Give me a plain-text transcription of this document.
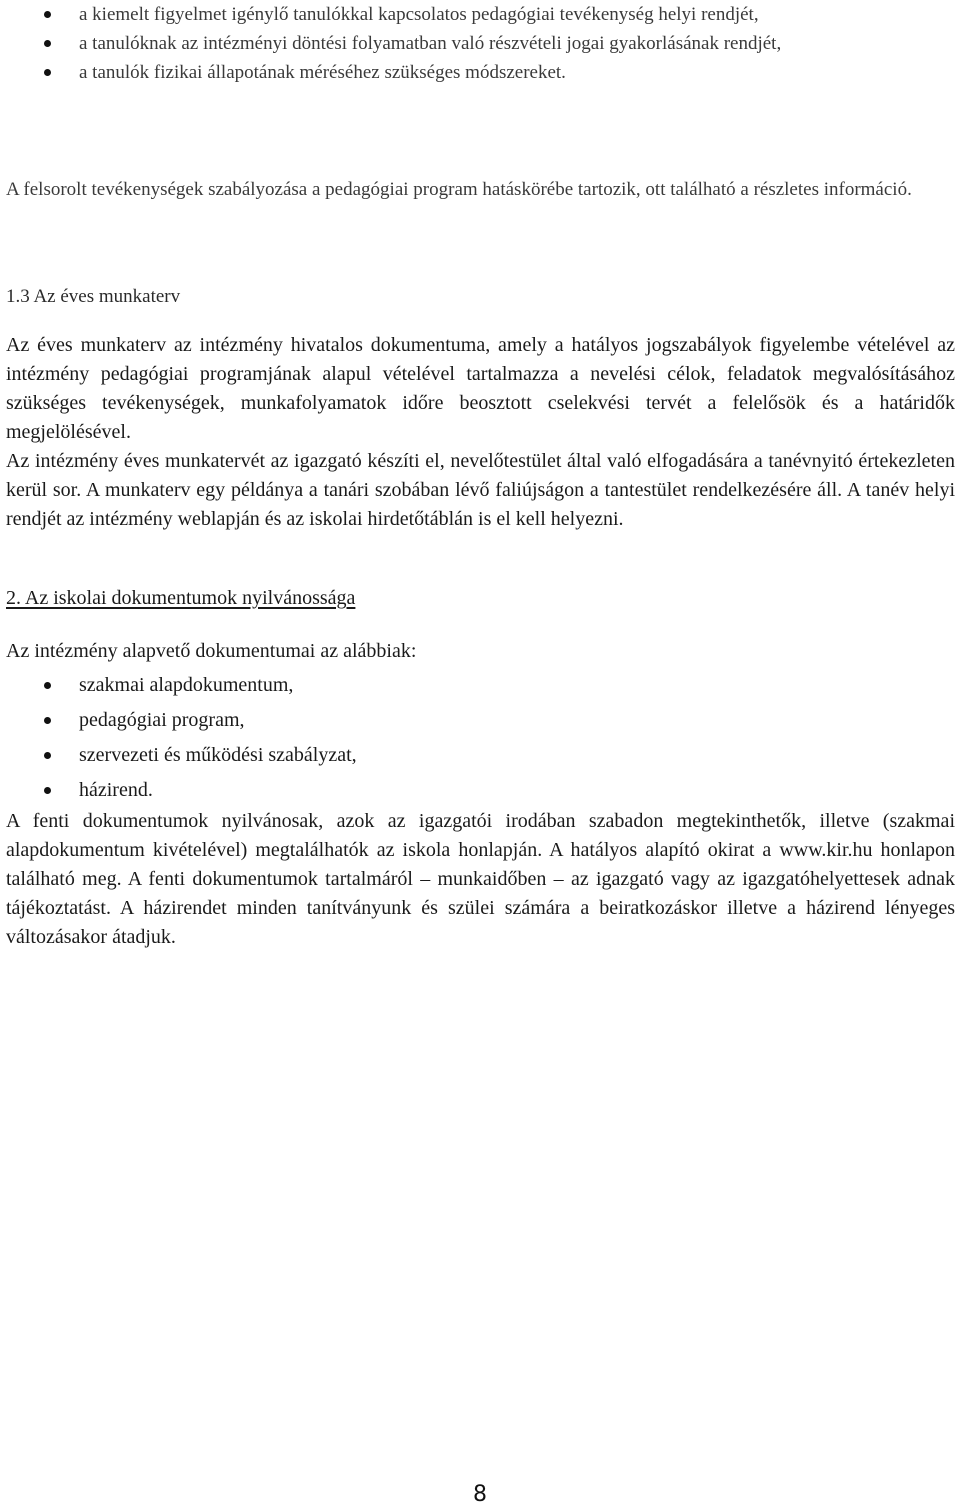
a kiemelt figyelmet igénylő tanulókkal kapcsolatos pedagógiai tevékenység helyi rendjét,
a tanulóknak az intézményi döntési folyamatban való részvételi jogai gyakorlásának rendjét,
a tanulók fizikai állapotának méréséhez szükséges módszereket.

A felsorolt tevékenységek szabályozása a pedagógiai program hatáskörébe tartozik, ott található a részletes információ.

1.3 Az éves munkaterv

Az éves munkaterv az intézmény hivatalos dokumentuma, amely a hatályos jogszabályok figyelembe vételével az intézmény pedagógiai programjának alapul vételével tartalmazza a nevelési célok, feladatok megvalósításához szükséges tevékenységek, munkafolyamatok időre beosztott cselekvési tervét a felelősök és a határidők megjelölésével.

Az intézmény éves munkatervét az igazgató készíti el, nevelőtestület által való elfogadására a tanévnyitó értekezleten kerül sor. A munkaterv egy példánya a tanári szobában lévő faliújságon a tantestület rendelkezésére áll. A tanév helyi rendjét az intézmény weblapján és az iskolai hirdetőtáblán is el kell helyezni.

2. Az iskolai dokumentumok nyilvánossága

Az intézmény alapvető dokumentumai az alábbiak:

szakmai alapdokumentum,
pedagógiai program,
szervezeti és működési szabályzat,
házirend.

A fenti dokumentumok nyilvánosak, azok az igazgatói irodában szabadon megtekinthetők, illetve (szakmai alapdokumentum kivételével) megtalálhatók az iskola honlapján. A hatályos alapító okirat a www.kir.hu honlapon található meg. A fenti dokumentumok tartalmáról – munkaidőben – az igazgató vagy az igazgatóhelyettesek adnak tájékoztatást. A házirendet minden tanítványunk és szülei számára a beiratkozáskor illetve a házirend lényeges változásakor átadjuk.

8
